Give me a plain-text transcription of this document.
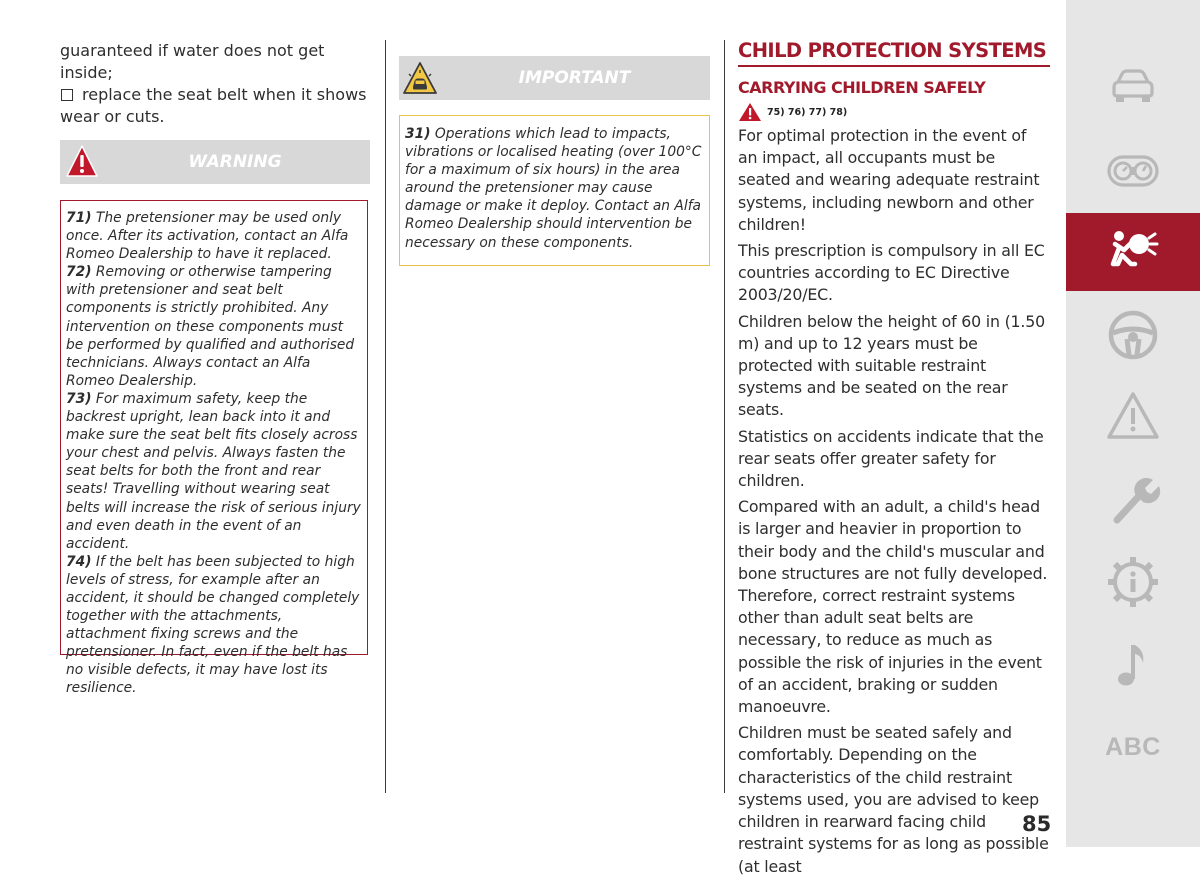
guaranteed if water does not get inside;

replace the seat belt when it shows wear or cuts.

WARNING

71) The pretensioner may be used only once. After its activation, contact an Alfa Romeo Dealership to have it replaced.
72) Removing or otherwise tampering with pretensioner and seat belt components is strictly prohibited. Any intervention on these components must be performed by qualified and authorised technicians. Always contact an Alfa Romeo Dealership.
73) For maximum safety, keep the backrest upright, lean back into it and make sure the seat belt fits closely across your chest and pelvis. Always fasten the seat belts for both the front and rear seats! Travelling without wearing seat belts will increase the risk of serious injury and even death in the event of an accident.
74) If the belt has been subjected to high levels of stress, for example after an accident, it should be changed completely together with the attachments, attachment fixing screws and the pretensioner. In fact, even if the belt has no visible defects, it may have lost its resilience.

IMPORTANT

31) Operations which lead to impacts, vibrations or localised heating (over 100°C for a maximum of six hours) in the area around the pretensioner may cause damage or make it deploy. Contact an Alfa Romeo Dealership should intervention be necessary on these components.

CHILD PROTECTION SYSTEMS
CARRYING CHILDREN SAFELY
75) 76) 77) 78)

For optimal protection in the event of an impact, all occupants must be seated and wearing adequate restraint systems, including newborn and other children!

This prescription is compulsory in all EC countries according to EC Directive 2003/20/EC.

Children below the height of 60 in (1.50 m) and up to 12 years must be protected with suitable restraint systems and be seated on the rear seats.

Statistics on accidents indicate that the rear seats offer greater safety for children.

Compared with an adult, a child's head is larger and heavier in proportion to their body and the child's muscular and bone structures are not fully developed. Therefore, correct restraint systems other than adult seat belts are necessary, to reduce as much as possible the risk of injuries in the event of an accident, braking or sudden manoeuvre.

Children must be seated safely and comfortably. Depending on the characteristics of the child restraint systems used, you are advised to keep children in rearward facing child restraint systems for as long as possible (at least

85
ABC
